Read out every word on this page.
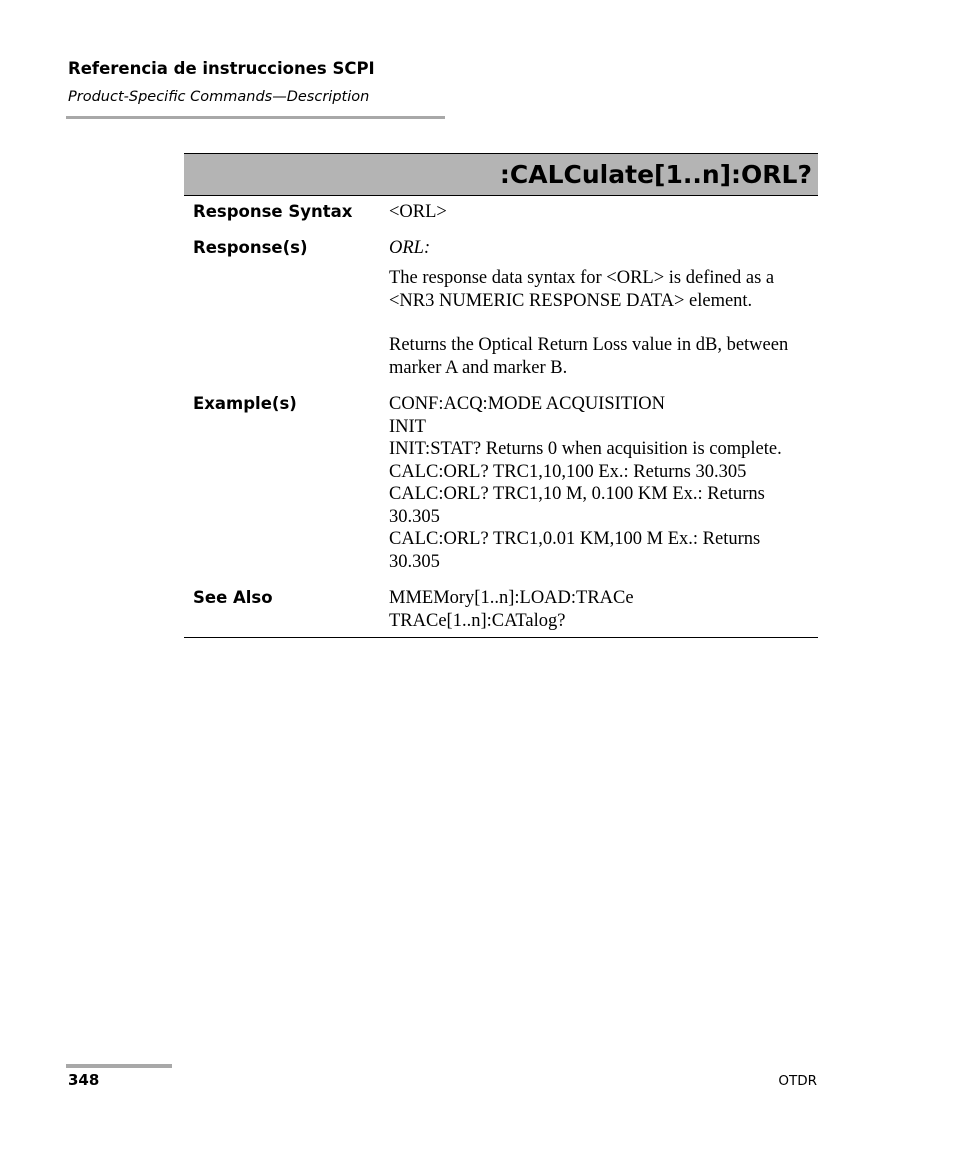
Referencia de instrucciones SCPI
Product-Specific Commands—Description
:CALCulate[1..n]:ORL?
Response Syntax	<ORL>

Response(s)	ORL:

The response data syntax for <ORL> is defined as a <NR3 NUMERIC RESPONSE DATA> element.

Returns the Optical Return Loss value in dB, between marker A and marker B.

Example(s)	CONF:ACQ:MODE ACQUISITION

INIT

INIT:STAT? Returns 0 when acquisition is complete.

CALC:ORL? TRC1,10,100 Ex.: Returns 30.305

CALC:ORL? TRC1,10 M, 0.100 KM Ex.: Returns 30.305

CALC:ORL? TRC1,0.01 KM,100 M Ex.: Returns 30.305

See Also	MMEMory[1..n]:LOAD:TRACe

TRACe[1..n]:CATalog?

348	OTDR
